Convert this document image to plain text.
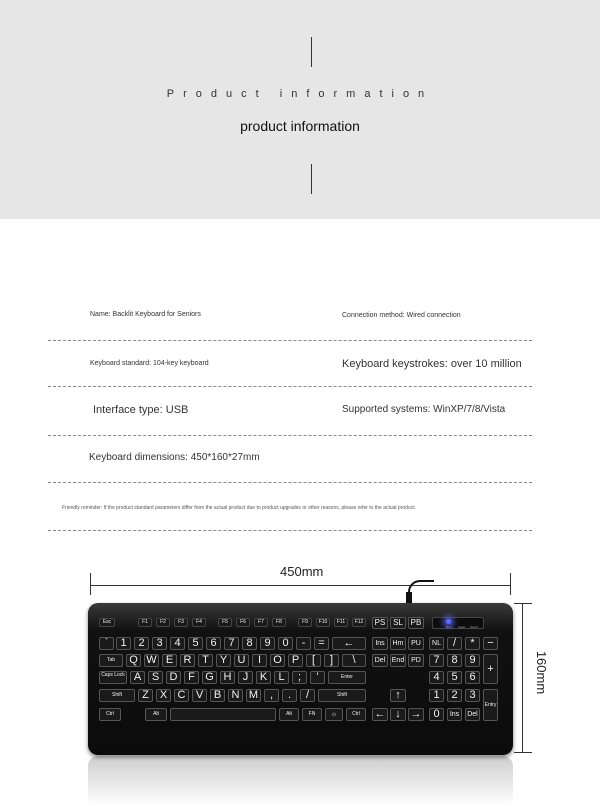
Product information
product information
Name: Backlit Keyboard for Seniors	Connection method: Wired connection
Keyboard standard: 104-key keyboard	Keyboard keystrokes: over 10 million
Interface type: USB	Supported systems: WinXP/7/8/Vista
Keyboard dimensions: 450*160*27mm
Friendly reminder: If the product standard parameters differ from the actual product due to product upgrades or other reasons, please refer to the actual product.
450mm
160mm
Num Caps Scroll
Esc	F1	F2	F3	F4	F5	F6	F7	F8	F9	F10	F11	F12	PS SL PB
`	1	2	3	4	5	6	7	8	9	0	-	=	←
Tab	Q W E R T Y U	I	O P	[	]	\
Caps Lock A S D F G H	J	K	L	;	'	Enter
Shift	Z X C V B N M	,	.	/	Shift
Ctrl	Alt	Alt	FN	☼	Ctrl
Ins	Hm	PU
Del End PD
↑
← ↓ →
NL	/	*	−
7	8	9
+
4	5	6
1	2	3
Entry
0	Ins	Del
